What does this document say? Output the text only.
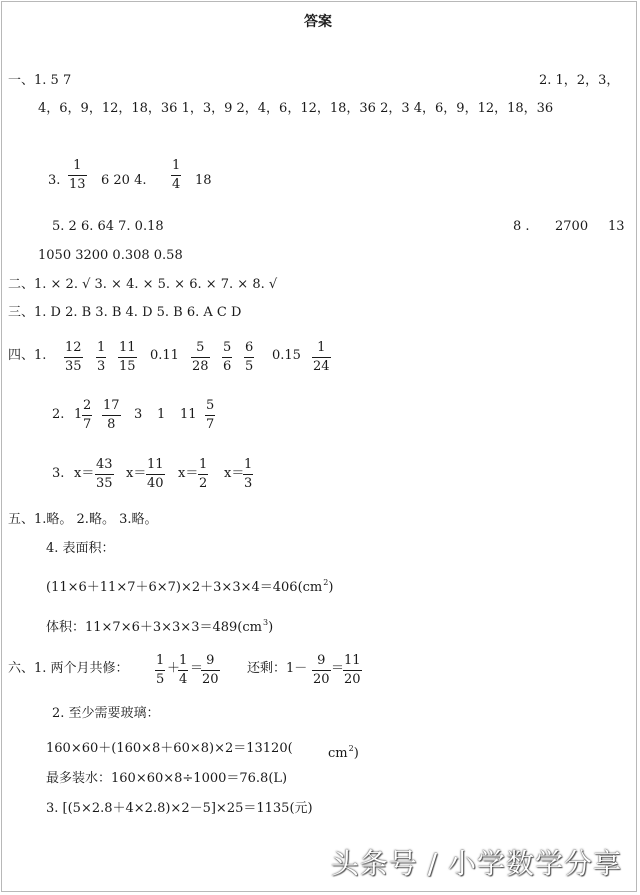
答案
一、1. 5 7	2. 1，2，3，
4，6，9，12，18，36 1，3，9 2，4，6，12，18，36 2，3 4，6，9，12，18，36
3.
1
13 6 20 4.
1
4 18
5. 2 6. 64 7. 0.18	8 . 2700 13
1050 3200 0.308 0.58
二、1. × 2. √ 3. × 4. × 5. × 6. × 7. × 8. √
三、1. D 2. B 3. B 4. D 5. B 6. A C D
四、1.
12
35
1
3
11
15
0.11
5
28
5
6
6
5
0.15
1
24
2. 1
2
7
17
8
3 1 11
5
7
3. x＝
43
35
x＝
11
40
x＝
1
2
x＝
1
3
五、1.略。 2.略。 3.略。
4. 表面积：
$(11\times 6+11\times 7+6\times 7)\times 2+3\times 3\times 4=406(cm^2)$
体积：$11\times 7\times 6+3\times 3\times 3=489(cm^3)$
六、1. 两个月共修：
1
5
＋
1
4
＝
9
20
还剩：1－
9
20
＝
11
20
2. 至少需要玻璃：
160×60＋(160×8＋60×8)×2＝13120(	$cm^2$)
最多装水：160×60×8÷1000＝76.8(L)
3. [(5×2.8＋4×2.8)×2－5]×25＝1135(元)
头条号 / 小学数学分享
